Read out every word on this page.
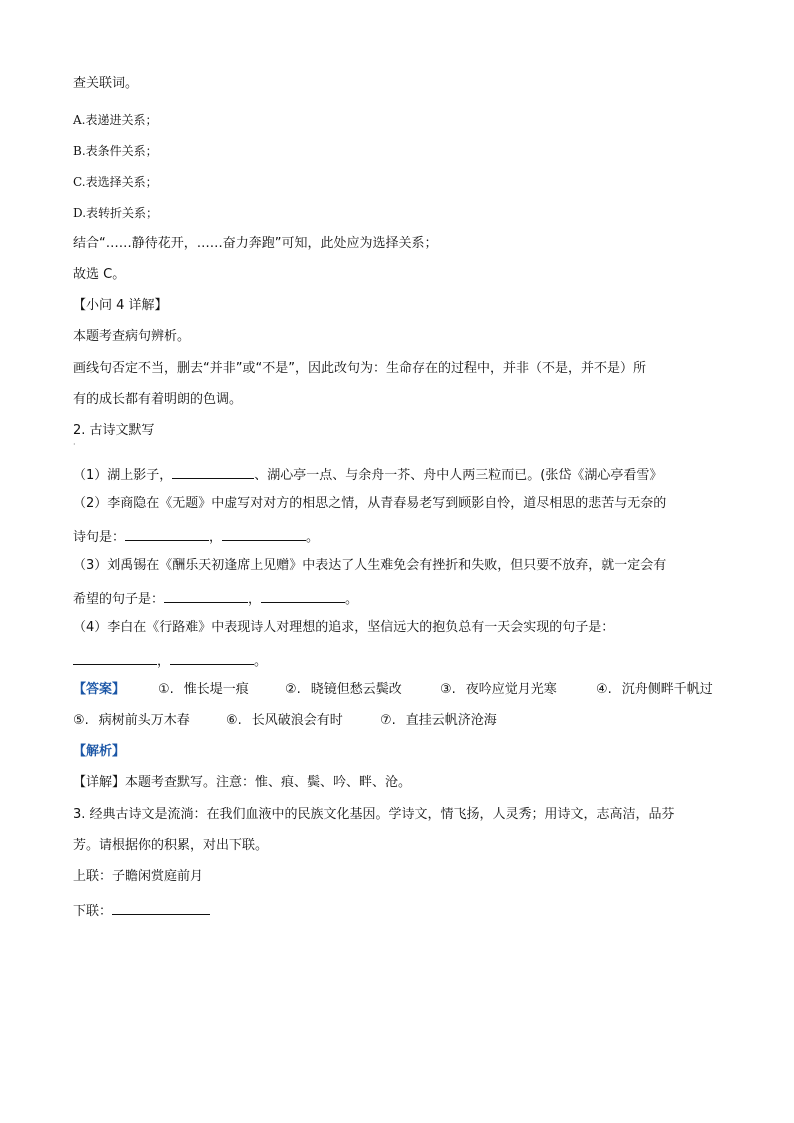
查关联词。
A.表递进关系；
B.表条件关系；
C.表选择关系；
D.表转折关系；
结合“……静待花开，……奋力奔跑”可知，此处应为选择关系；
故选 C。
【小问 4 详解】
本题考查病句辨析。
画线句否定不当，删去“并非”或“不是”，因此改句为：生命存在的过程中，并非（不是，并不是）所
有的成长都有着明朗的色调。
2. 古诗文默写
·
（1）湖上影子，	、湖心亭一点、与余舟一芥、舟中人两三粒而已。(张岱《湖心亭看雪》
（2）李商隐在《无题》中虚写对对方的相思之情，从青春易老写到顾影自怜，道尽相思的悲苦与无奈的
诗句是：	，	。
（3）刘禹锡在《酬乐天初逢席上见赠》中表达了人生难免会有挫折和失败，但只要不放弃，就一定会有
希望的句子是：	，	。
（4）李白在《行路难》中表现诗人对理想的追求，坚信远大的抱负总有一天会实现的句子是：
，	。
【答案】	①. 惟长堤一痕	②. 晓镜但愁云鬓改	③. 夜吟应觉月光寒	④. 沉舟侧畔千帆过
⑤. 病树前头万木春	⑥. 长风破浪会有时	⑦. 直挂云帆济沧海
【解析】
【详解】本题考查默写。注意：惟、痕、鬓、吟、畔、沧。
3. 经典古诗文是流淌：在我们血液中的民族文化基因。学诗文，情飞扬，人灵秀；用诗文，志高洁，品芬
芳。请根据你的积累，对出下联。
上联：子瞻闲赏庭前月
下联：
